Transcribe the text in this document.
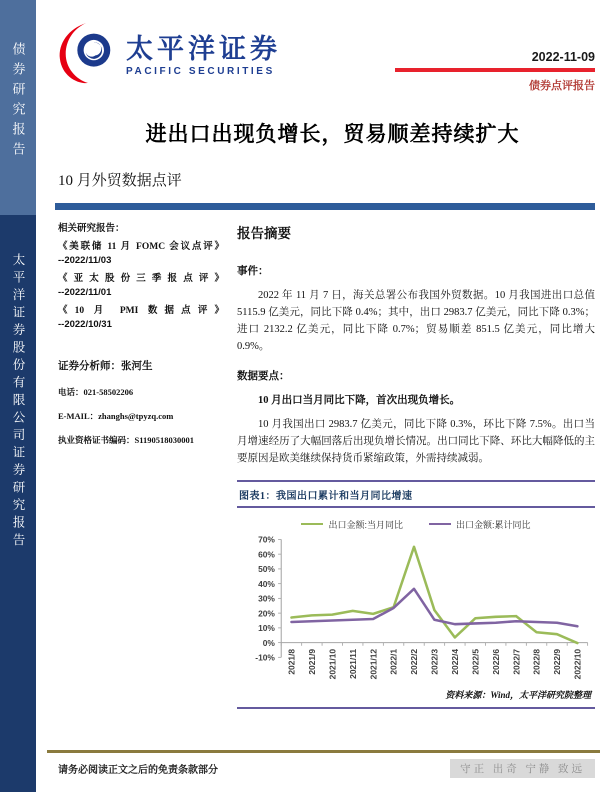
债券研究报告
太平洋证券股份有限公司证券研究报告
太平洋证券
PACIFIC SECURITIES
2022-11-09
债券点评报告
进出口出现负增长，贸易顺差持续扩大
10 月外贸数据点评
相关研究报告：
《美联储 11 月 FOMC 会议点评》
--2022/11/03
《亚太股份三季报点评》
--2022/11/01
《10 月 PMI 数据点评》
--2022/10/31
证券分析师：张河生
电话：021-58502206
E-MAIL：zhanghs@tpyzq.com
执业资格证书编码：S1190518030001
报告摘要
事件：

2022 年 11 月 7 日，海关总署公布我国外贸数据。10 月我国进出口总值 5115.9 亿美元，同比下降 0.4%；其中，出口 2983.7 亿美元，同比下降 0.3%；进口 2132.2 亿美元，同比下降 0.7%；贸易顺差 851.5 亿美元，同比增大 0.9%。

数据要点：
10 月出口当月同比下降，首次出现负增长。

10 月我国出口 2983.7 亿美元，同比下降 0.3%，环比下降 7.5%。出口当月增速经历了大幅回落后出现负增长情况。出口同比下降、环比大幅降低的主要原因是欧美继续保持货币紧缩政策，外需持续减弱。

图表1：我国出口累计和当月同比增速
出口金额:当月同比	出口金额:累计同比
-10%
0%
10%
20%
30%
40%
50%
60%
70%
2021/8 2021/9 2021/10 2021/11 2021/12 2022/1 2022/2 2022/3 2022/4 2022/5 2022/6 2022/7 2022/8 2022/9 2022/10
资料来源：Wind，太平洋研究院整理
请务必阅读正文之后的免责条款部分	守正 出奇 宁静 致远
